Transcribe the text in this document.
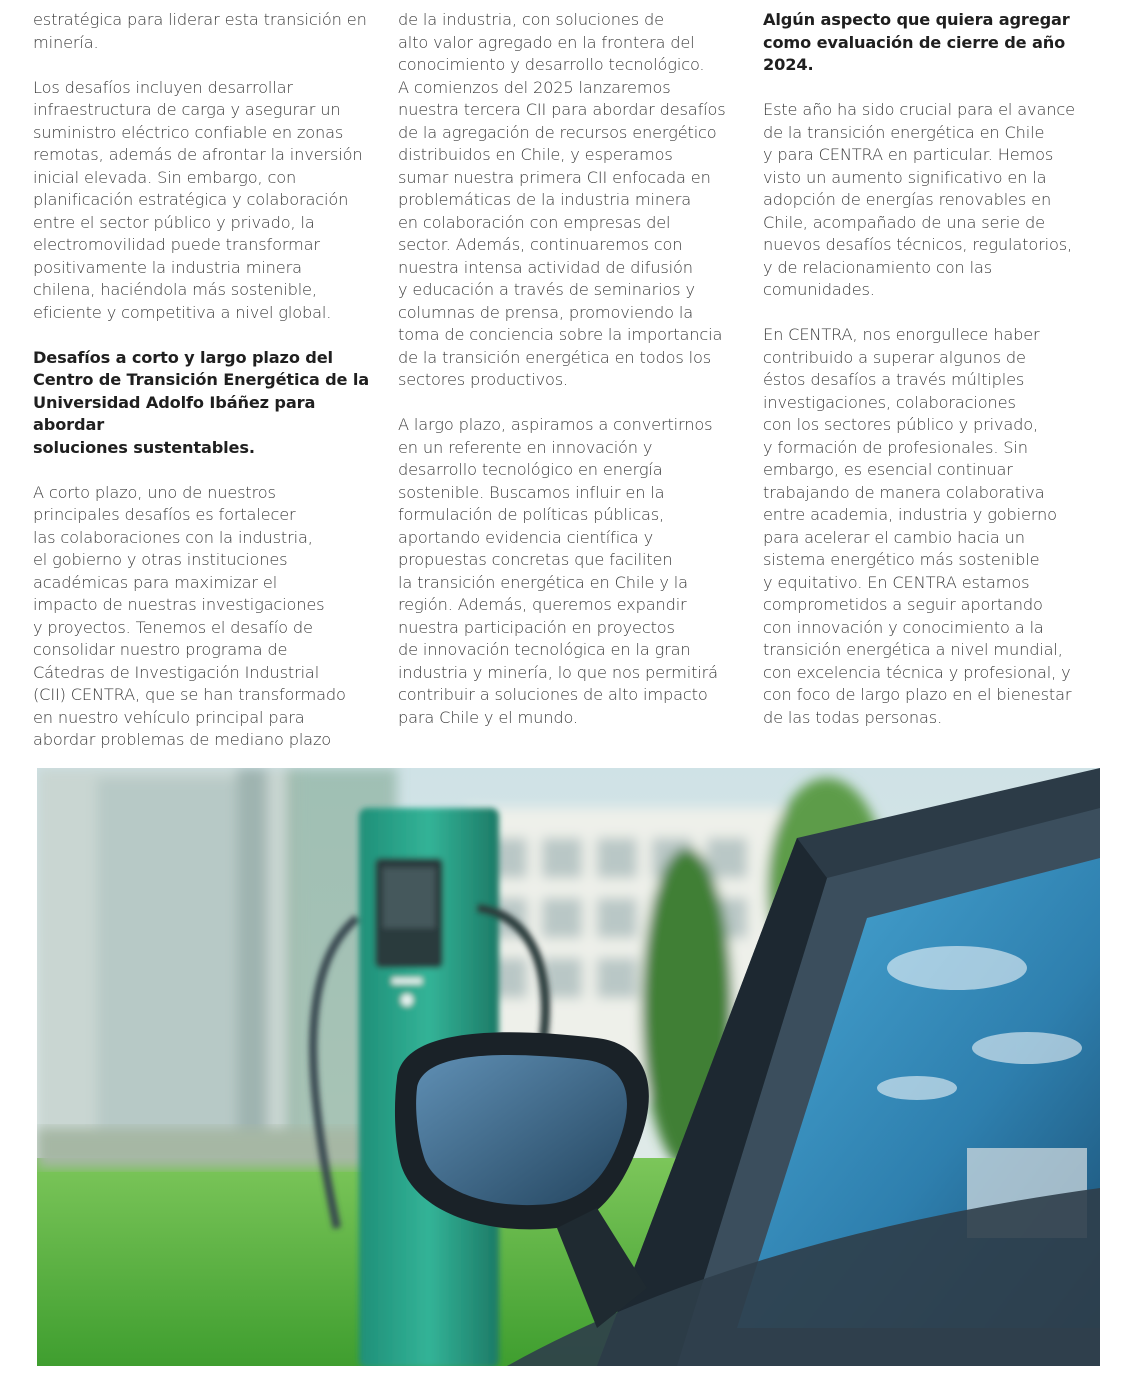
estratégica para liderar esta transición en
minería.
Los desafíos incluyen desarrollar
infraestructura de carga y asegurar un
suministro eléctrico confiable en zonas
remotas, además de afrontar la inversión
inicial elevada. Sin embargo, con
planificación estratégica y colaboración
entre el sector público y privado, la
electromovilidad puede transformar
positivamente la industria minera
chilena, haciéndola más sostenible,
eficiente y competitiva a nivel global.
Desafíos a corto y largo plazo del
Centro de Transición Energética de la
Universidad Adolfo Ibáñez para abordar
soluciones sustentables.
A corto plazo, uno de nuestros
principales desafíos es fortalecer
las colaboraciones con la industria,
el gobierno y otras instituciones
académicas para maximizar el
impacto de nuestras investigaciones
y proyectos. Tenemos el desafío de
consolidar nuestro programa de
Cátedras de Investigación Industrial
(CII) CENTRA, que se han transformado
en nuestro vehículo principal para
abordar problemas de mediano plazo
de la industria, con soluciones de
alto valor agregado en la frontera del
conocimiento y desarrollo tecnológico.
A comienzos del 2025 lanzaremos
nuestra tercera CII para abordar desafíos
de la agregación de recursos energético
distribuidos en Chile, y esperamos
sumar nuestra primera CII enfocada en
problemáticas de la industria minera
en colaboración con empresas del
sector. Además, continuaremos con
nuestra intensa actividad de difusión
y educación a través de seminarios y
columnas de prensa, promoviendo la
toma de conciencia sobre la importancia
de la transición energética en todos los
sectores productivos.
A largo plazo, aspiramos a convertirnos
en un referente en innovación y
desarrollo tecnológico en energía
sostenible. Buscamos influir en la
formulación de políticas públicas,
aportando evidencia científica y
propuestas concretas que faciliten
la transición energética en Chile y la
región. Además, queremos expandir
nuestra participación en proyectos
de innovación tecnológica en la gran
industria y minería, lo que nos permitirá
contribuir a soluciones de alto impacto
para Chile y el mundo.
Algún aspecto que quiera agregar
como evaluación de cierre de año
2024.
Este año ha sido crucial para el avance
de la transición energética en Chile
y para CENTRA en particular. Hemos
visto un aumento significativo en la
adopción de energías renovables en
Chile, acompañado de una serie de
nuevos desafíos técnicos, regulatorios,
y de relacionamiento con las
comunidades.
En CENTRA, nos enorgullece haber
contribuido a superar algunos de
éstos desafíos a través múltiples
investigaciones, colaboraciones
con los sectores público y privado,
y formación de profesionales. Sin
embargo, es esencial continuar
trabajando de manera colaborativa
entre academia, industria y gobierno
para acelerar el cambio hacia un
sistema energético más sostenible
y equitativo. En CENTRA estamos
comprometidos a seguir aportando
con innovación y conocimiento a la
transición energética a nivel mundial,
con excelencia técnica y profesional, y
con foco de largo plazo en el bienestar
de las todas personas.
